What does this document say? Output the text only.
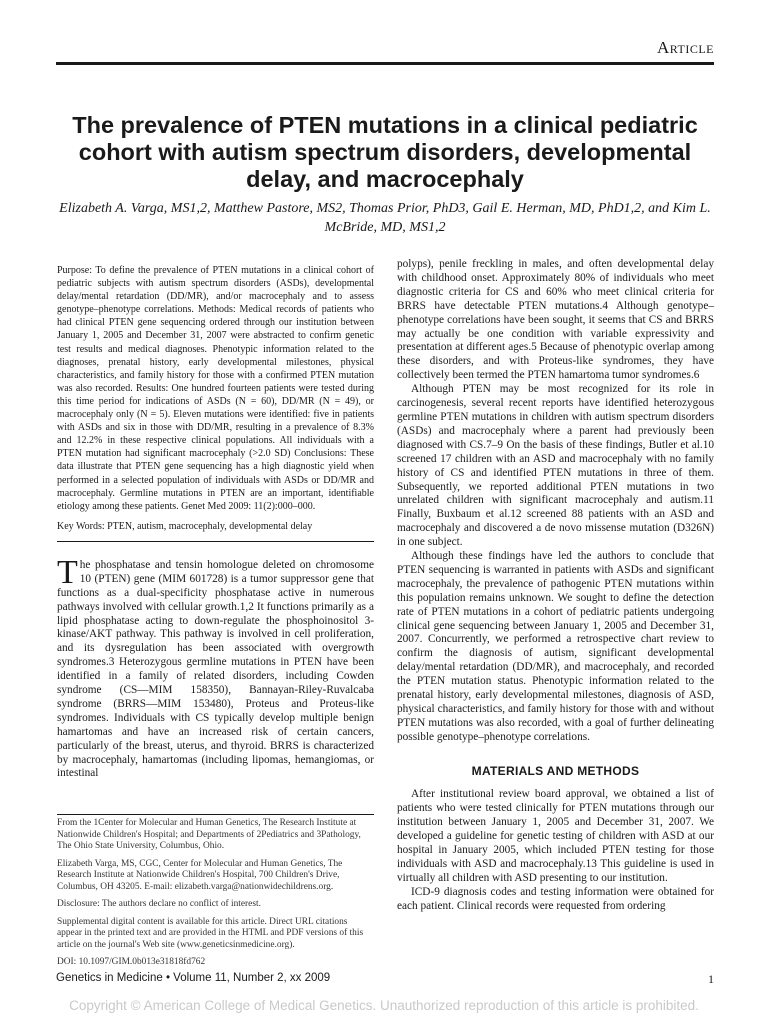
Article
The prevalence of PTEN mutations in a clinical pediatric cohort with autism spectrum disorders, developmental delay, and macrocephaly
Elizabeth A. Varga, MS1,2, Matthew Pastore, MS2, Thomas Prior, PhD3, Gail E. Herman, MD, PhD1,2, and Kim L. McBride, MD, MS1,2

Purpose: To define the prevalence of PTEN mutations in a clinical cohort of pediatric subjects with autism spectrum disorders (ASDs), developmental delay/mental retardation (DD/MR), and/or macrocephaly and to assess genotype–phenotype correlations. Methods: Medical records of patients who had clinical PTEN gene sequencing ordered through our institution between January 1, 2005 and December 31, 2007 were abstracted to confirm genetic test results and medical diagnoses. Phenotypic information related to the diagnoses, prenatal history, early developmental milestones, physical characteristics, and family history for those with a confirmed PTEN mutation was also recorded. Results: One hundred fourteen patients were tested during this time period for indications of ASDs (N = 60), DD/MR (N = 49), or macrocephaly only (N = 5). Eleven mutations were identified: five in patients with ASDs and six in those with DD/MR, resulting in a prevalence of 8.3% and 12.2% in these respective clinical populations. All individuals with a PTEN mutation had significant macrocephaly (>2.0 SD) Conclusions: These data illustrate that PTEN gene sequencing has a high diagnostic yield when performed in a selected population of individuals with ASDs or DD/MR and macrocephaly. Germline mutations in PTEN are an important, identifiable etiology among these patients. Genet Med 2009: 11(2):000–000.

Key Words: PTEN, autism, macrocephaly, developmental delay

T he phosphatase and tensin homologue deleted on chromosome 10 (PTEN) gene (MIM 601728) is a tumor suppressor gene that functions as a dual-specificity phosphatase active in numerous pathways involved with cellular growth.1,2 It functions primarily as a lipid phosphatase acting to down-regulate the phosphoinositol 3-kinase/AKT pathway. This pathway is involved in cell proliferation, and its dysregulation has been associated with overgrowth syndromes.3 Heterozygous germline mutations in PTEN have been identified in a family of related disorders, including Cowden syndrome (CS—MIM 158350), Bannayan-Riley-Ruvalcaba syndrome (BRRS—MIM 153480), Proteus and Proteus-like syndromes. Individuals with CS typically develop multiple benign hamartomas and have an increased risk of certain cancers, particularly of the breast, uterus, and thyroid. BRRS is characterized by macrocephaly, hamartomas (including lipomas, hemangiomas, or intestinal

From the 1Center for Molecular and Human Genetics, The Research Institute at Nationwide Children's Hospital; and Departments of 2Pediatrics and 3Pathology, The Ohio State University, Columbus, Ohio.

Elizabeth Varga, MS, CGC, Center for Molecular and Human Genetics, The Research Institute at Nationwide Children's Hospital, 700 Children's Drive, Columbus, OH 43205. E-mail: elizabeth.varga@nationwidechildrens.org.

Disclosure: The authors declare no conflict of interest.

Supplemental digital content is available for this article. Direct URL citations appear in the printed text and are provided in the HTML and PDF versions of this article on the journal's Web site (www.geneticsinmedicine.org).

DOI: 10.1097/GIM.0b013e31818fd762

polyps), penile freckling in males, and often developmental delay with childhood onset. Approximately 80% of individuals who meet diagnostic criteria for CS and 60% who meet clinical criteria for BRRS have detectable PTEN mutations.4 Although genotype–phenotype correlations have been sought, it seems that CS and BRRS may actually be one condition with variable expressivity and presentation at different ages.5 Because of phenotypic overlap among these disorders, and with Proteus-like syndromes, they have collectively been termed the PTEN hamartoma tumor syndromes.6

Although PTEN may be most recognized for its role in carcinogenesis, several recent reports have identified heterozygous germline PTEN mutations in children with autism spectrum disorders (ASDs) and macrocephaly where a parent had previously been diagnosed with CS.7–9 On the basis of these findings, Butler et al.10 screened 17 children with an ASD and macrocephaly with no family history of CS and identified PTEN mutations in three of them. Subsequently, we reported additional PTEN mutations in two unrelated children with significant macrocephaly and autism.11 Finally, Buxbaum et al.12 screened 88 patients with an ASD and macrocephaly and discovered a de novo missense mutation (D326N) in one subject.

Although these findings have led the authors to conclude that PTEN sequencing is warranted in patients with ASDs and significant macrocephaly, the prevalence of pathogenic PTEN mutations within this population remains unknown. We sought to define the detection rate of PTEN mutations in a cohort of pediatric patients undergoing clinical gene sequencing between January 1, 2005 and December 31, 2007. Concurrently, we performed a retrospective chart review to confirm the diagnosis of autism, significant developmental delay/mental retardation (DD/MR), and macrocephaly, and recorded the PTEN mutation status. Phenotypic information related to the prenatal history, early developmental milestones, diagnosis of ASD, physical characteristics, and family history for those with and without PTEN mutations was also recorded, with a goal of further delineating possible genotype–phenotype correlations.

MATERIALS AND METHODS

After institutional review board approval, we obtained a list of patients who were tested clinically for PTEN mutations through our institution between January 1, 2005 and December 31, 2007. We developed a guideline for genetic testing of children with ASD at our hospital in January 2005, which included PTEN testing for those individuals with ASD and macrocephaly.13 This guideline is used in virtually all children with ASD presenting to our institution.

ICD-9 diagnosis codes and testing information were obtained for each patient. Clinical records were requested from ordering

Genetics in Medicine • Volume 11, Number 2, xx 2009	1
Copyright © American College of Medical Genetics. Unauthorized reproduction of this article is prohibited.
